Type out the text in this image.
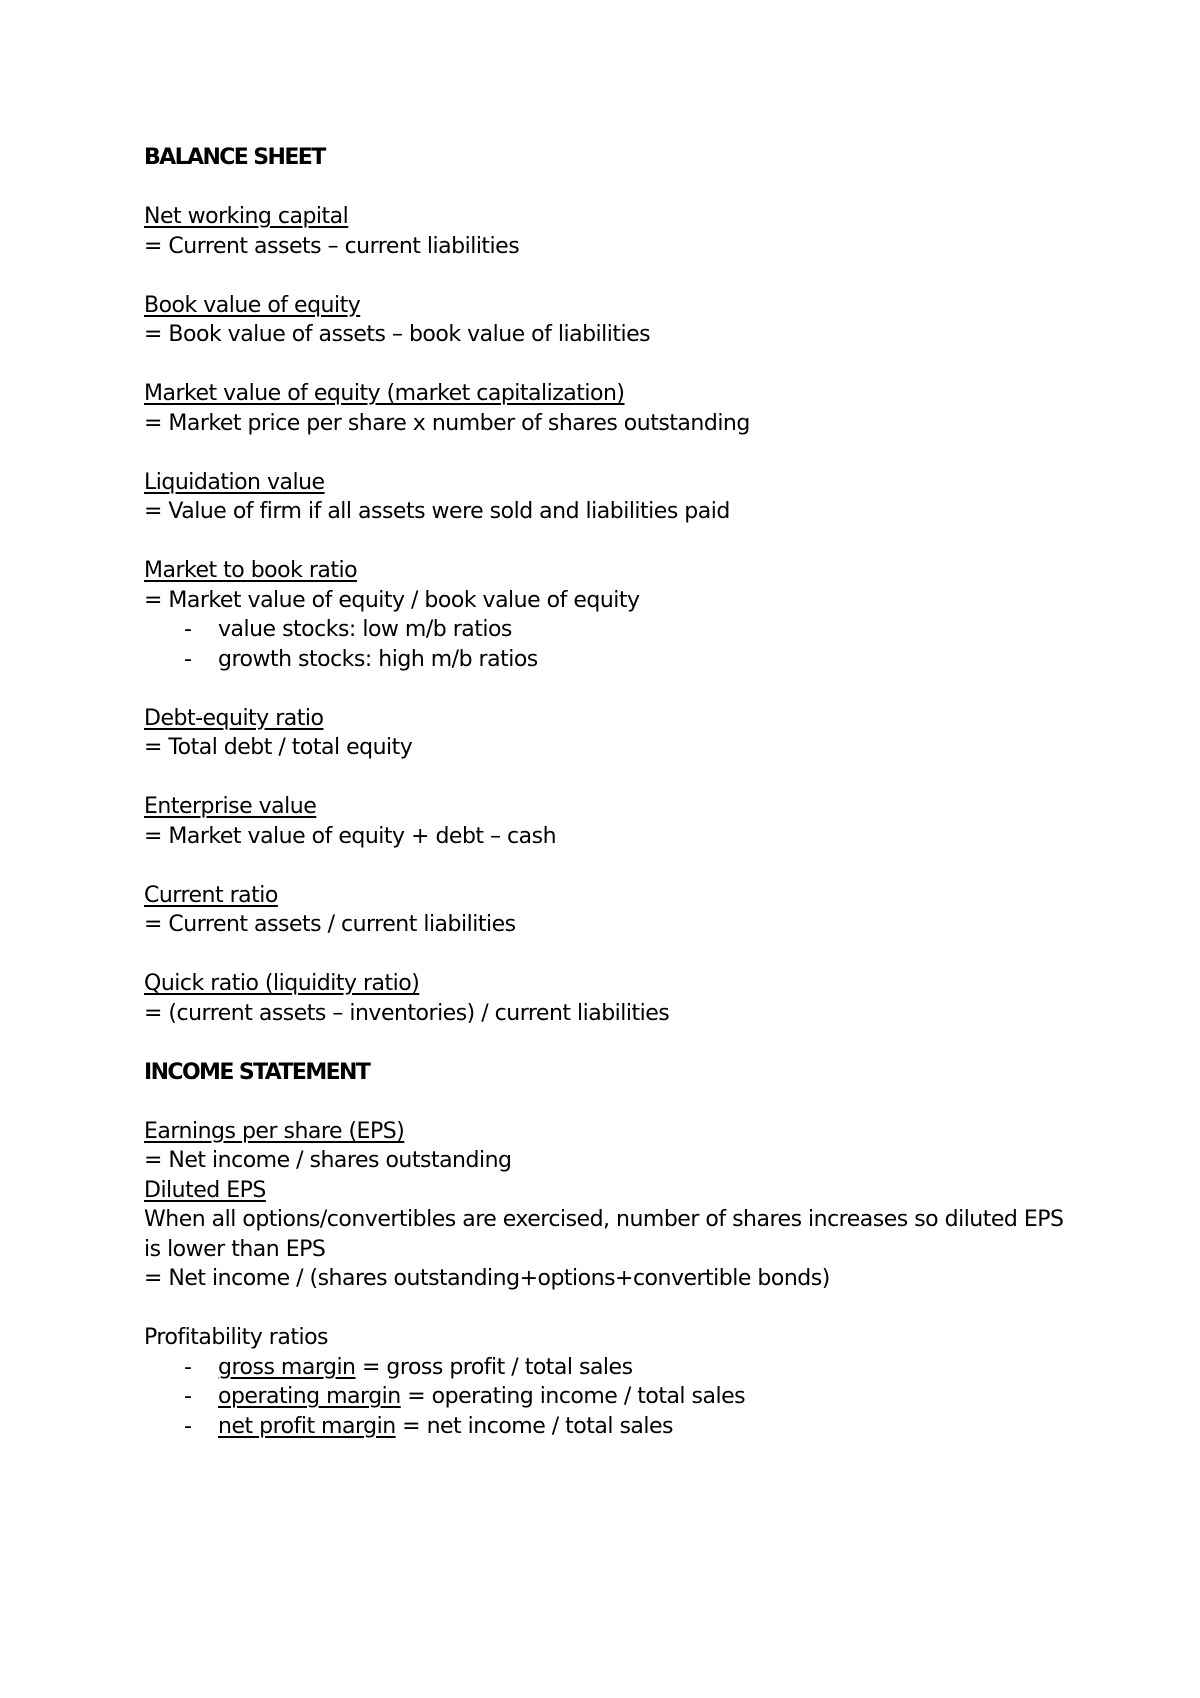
BALANCE SHEET

Net working capital

= Current assets – current liabilities

Book value of equity

= Book value of assets – book value of liabilities

Market value of equity (market capitalization)

= Market price per share x number of shares outstanding

Liquidation value

= Value of firm if all assets were sold and liabilities paid

Market to book ratio

= Market value of equity / book value of equity

- value stocks: low m/b ratios

- growth stocks: high m/b ratios

Debt-equity ratio

= Total debt / total equity

Enterprise value

= Market value of equity + debt – cash

Current ratio

= Current assets / current liabilities

Quick ratio (liquidity ratio)

= (current assets – inventories) / current liabilities

INCOME STATEMENT

Earnings per share (EPS)

= Net income / shares outstanding

Diluted EPS

When all options/convertibles are exercised, number of shares increases so diluted EPS is lower than EPS

= Net income / (shares outstanding+options+convertible bonds)

Profitability ratios

- gross margin = gross profit / total sales

- operating margin = operating income / total sales

- net profit margin = net income / total sales
